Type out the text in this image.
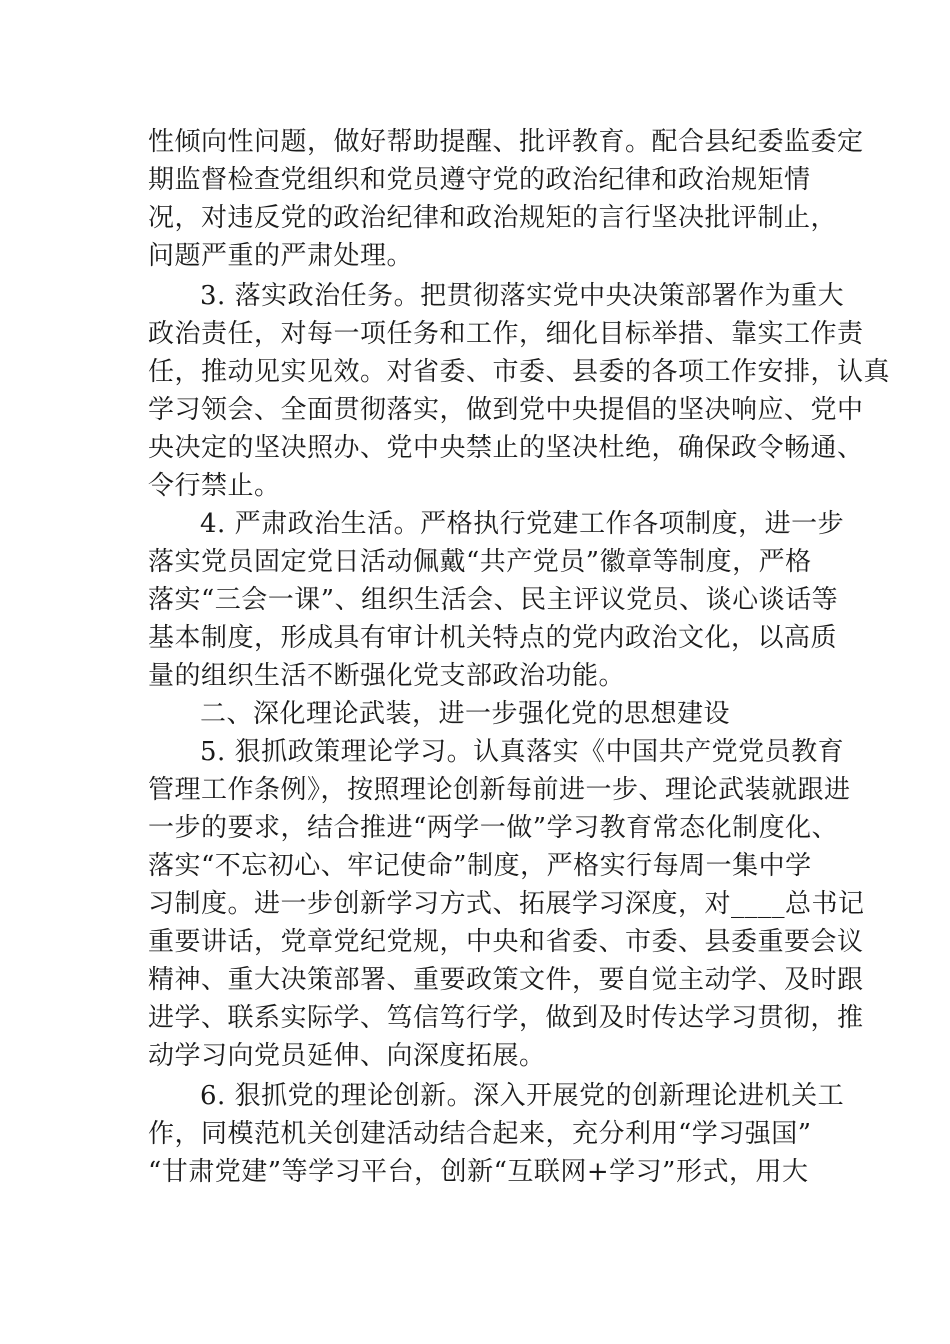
性倾向性问题，做好帮助提醒、批评教育。配合县纪委监委定
期监督检查党组织和党员遵守党的政治纪律和政治规矩情
况，对违反党的政治纪律和政治规矩的言行坚决批评制止，
问题严重的严肃处理。
3. 落实政治任务。把贯彻落实党中央决策部署作为重大
政治责任，对每一项任务和工作，细化目标举措、靠实工作责
任，推动见实见效。对省委、市委、县委的各项工作安排，认真
学习领会、全面贯彻落实，做到党中央提倡的坚决响应、党中
央决定的坚决照办、党中央禁止的坚决杜绝，确保政令畅通、
令行禁止。
4. 严肃政治生活。严格执行党建工作各项制度，进一步
落实党员固定党日活动佩戴“共产党员”徽章等制度，严格
落实“三会一课”、组织生活会、民主评议党员、谈心谈话等
基本制度，形成具有审计机关特点的党内政治文化，以高质
量的组织生活不断强化党支部政治功能。
二、深化理论武装，进一步强化党的思想建设
5. 狠抓政策理论学习。认真落实《中国共产党党员教育
管理工作条例》，按照理论创新每前进一步、理论武装就跟进
一步的要求，结合推进“两学一做”学习教育常态化制度化、
落实“不忘初心、牢记使命”制度，严格实行每周一集中学
习制度。进一步创新学习方式、拓展学习深度，对____总书记
重要讲话，党章党纪党规，中央和省委、市委、县委重要会议
精神、重大决策部署、重要政策文件，要自觉主动学、及时跟
进学、联系实际学、笃信笃行学，做到及时传达学习贯彻，推
动学习向党员延伸、向深度拓展。
6. 狠抓党的理论创新。深入开展党的创新理论进机关工
作，同模范机关创建活动结合起来，充分利用“学习强国”
“甘肃党建”等学习平台，创新“互联网+学习”形式，用大
